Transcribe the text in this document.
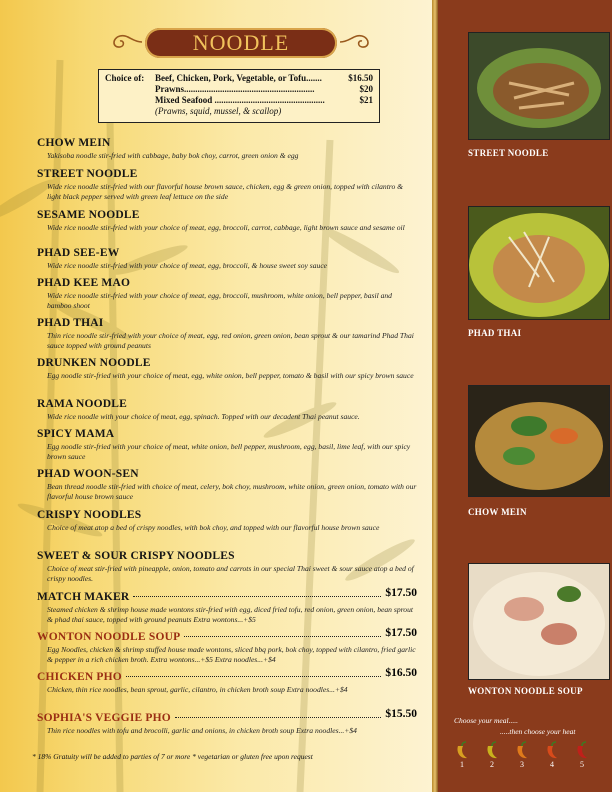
NOODLE
Choice of:	Beef, Chicken, Pork, Vegetable, or Tofu.......	$16.50
Prawns..........................................................	$20
Mixed Seafood .................................................	$21
(Prawns, squid, mussel, & scallop)
CHOW MEIN
Yakisoba noodle stir-fried with cabbage, baby bok choy, carrot, green onion & egg
STREET NOODLE
Wide rice noodle stir-fried with our flavorful house brown sauce, chicken, egg & green onion, topped with cilantro & light black pepper served with green leaf lettuce on the side
SESAME NOODLE
Wide rice noodle stir-fried with your choice of meat, egg, broccoli, carrot, cabbage, light brown sauce and sesame oil
PHAD SEE-EW
Wide rice noodle stir-fried with your choice of meat, egg, broccoli, & house sweet soy sauce
PHAD KEE MAO
Wide rice noodle stir-fried with your choice of meat, egg, broccoli, mushroom, white onion, bell pepper, basil and bamboo shoot
PHAD THAI
Thin rice noodle stir-fried with your choice of meat, egg, red onion, green onion, bean sprout & our tamarind Phad Thai sauce topped with ground peanuts
DRUNKEN NOODLE
Egg noodle stir-fried with your choice of meat, egg, white onion, bell pepper, tomato & basil with our spicy brown sauce
RAMA NOODLE
Wide rice noodle with your choice of meat, egg, spinach. Topped with our decadent Thai peanut sauce.
SPICY MAMA
Egg noodle stir-fried with your choice of meat, white onion, bell pepper, mushroom, egg, basil, lime leaf, with our spicy brown sauce
PHAD WOON-SEN
Bean thread noodle stir-fried with choice of meat, celery, bok choy, mushroom, white onion, green onion, tomato with our flavorful house brown sauce
CRISPY NOODLES
Choice of meat atop a bed of crispy noodles, with bok choy, and topped with our flavorful house brown sauce
SWEET & SOUR CRISPY NOODLES
Choice of meat stir-fried with pineapple, onion, tomato and carrots in our special Thai sweet & sour sauce atop a bed of crispy noodles.
MATCH MAKER	$17.50
Steamed chicken & shrimp house made wontons stir-fried with egg, diced fried tofu, red onion, green onion, bean sprout & phad thai sauce, topped with ground peanuts Extra wontons...+$5
WONTON NOODLE SOUP	$17.50
Egg Noodles, chicken & shrimp stuffed house made wontons, sliced bbq pork, bok choy, topped with cilantro, fried garlic & pepper in a rich chicken broth. Extra wontons...+$5 Extra noodles...+$4
CHICKEN PHO	$16.50
Chicken, thin rice noodles, bean sprout, garlic, cilantro, in chicken broth soup Extra noodles...+$4
SOPHIA'S VEGGIE PHO	$15.50
Thin rice noodles with tofu and brocolli, garlic and onions, in chicken broth soup Extra noodles...+$4
* 18% Gratuity will be added to parties of 7 or more * vegetarian or gluten free upon request
STREET NOODLE
PHAD THAI
CHOW MEIN
WONTON NOODLE SOUP
Choose your meal.....
.....then choose your heat
1	2	3	4	5
